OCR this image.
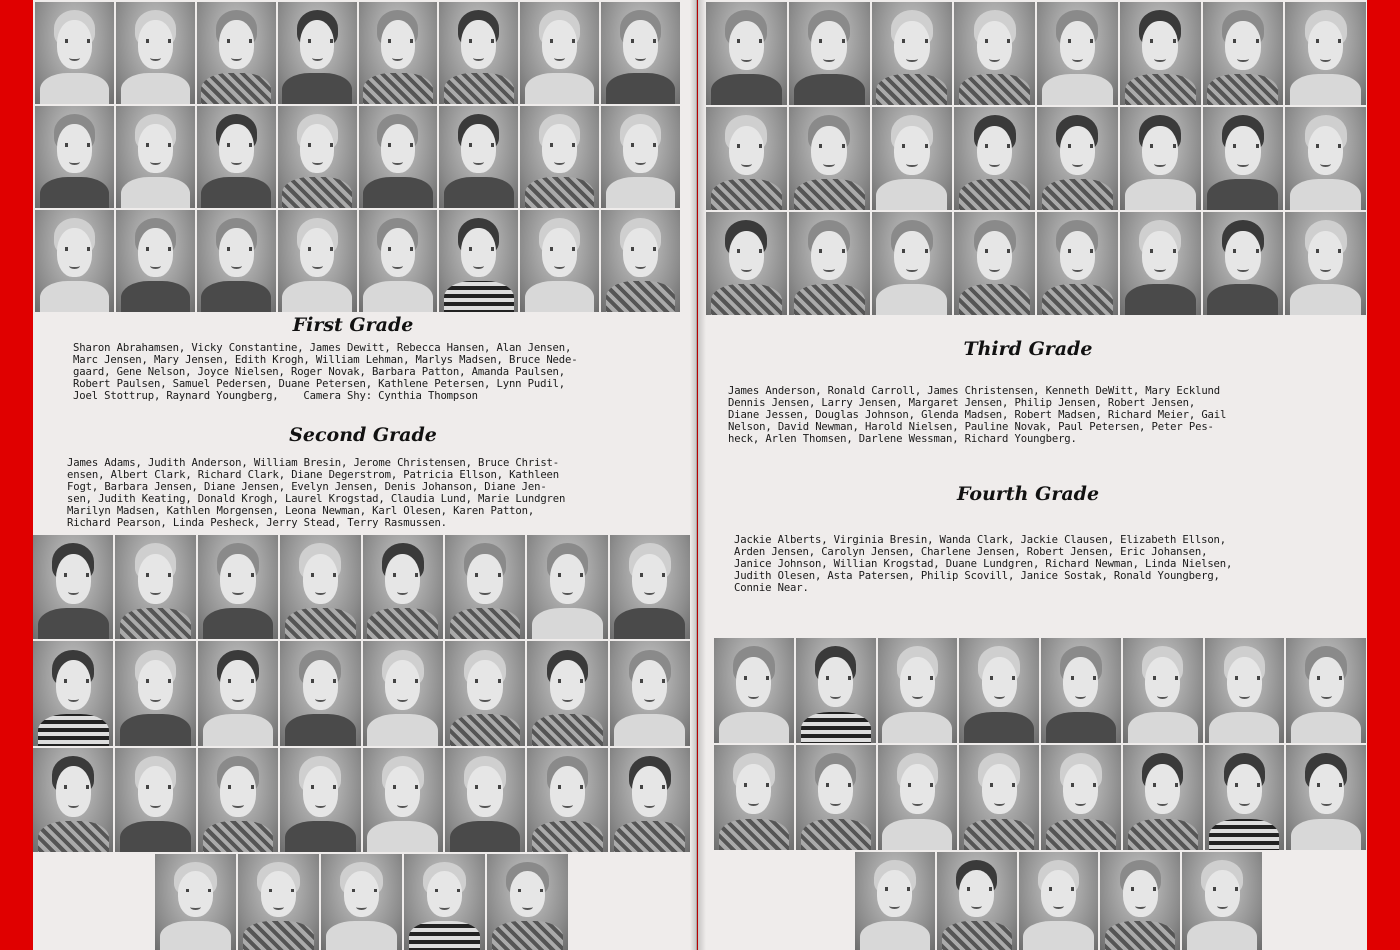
First Grade

Sharon Abrahamsen, Vicky Constantine, James Dewitt, Rebecca Hansen, Alan Jensen,

Marc Jensen, Mary Jensen, Edith Krogh, William Lehman, Marlys Madsen, Bruce Nede-

gaard, Gene Nelson, Joyce Nielsen, Roger Novak, Barbara Patton, Amanda Paulsen,

Robert Paulsen, Samuel Pedersen, Duane Petersen, Kathlene Petersen, Lynn Pudil,

Joel Stottrup, Raynard Youngberg,    Camera Shy: Cynthia Thompson

Second Grade

James Adams, Judith Anderson, William Bresin, Jerome Christensen, Bruce Christ-

ensen, Albert Clark, Richard Clark, Diane Degerstrom, Patricia Ellson, Kathleen

Fogt, Barbara Jensen, Diane Jensen, Evelyn Jensen, Denis Johanson, Diane Jen-

sen, Judith Keating, Donald Krogh, Laurel Krogstad, Claudia Lund, Marie Lundgren

Marilyn Madsen, Kathlen Morgensen, Leona Newman, Karl Olesen, Karen Patton,

Richard Pearson, Linda Pesheck, Jerry Stead, Terry Rasmussen.

Third Grade

James Anderson, Ronald Carroll, James Christensen, Kenneth DeWitt, Mary Ecklund

Dennis Jensen, Larry Jensen, Margaret Jensen, Philip Jensen, Robert Jensen,

Diane Jessen, Douglas Johnson, Glenda Madsen, Robert Madsen, Richard Meier, Gail

Nelson, David Newman, Harold Nielsen, Pauline Novak, Paul Petersen, Peter Pes-

heck, Arlen Thomsen, Darlene Wessman, Richard Youngberg.

Fourth Grade

Jackie Alberts, Virginia Bresin, Wanda Clark, Jackie Clausen, Elizabeth Ellson,

Arden Jensen, Carolyn Jensen, Charlene Jensen, Robert Jensen, Eric Johansen,

Janice Johnson, Willian Krogstad, Duane Lundgren, Richard Newman, Linda Nielsen,

Judith Olesen, Asta Patersen, Philip Scovill, Janice Sostak, Ronald Youngberg,

Connie Near.
